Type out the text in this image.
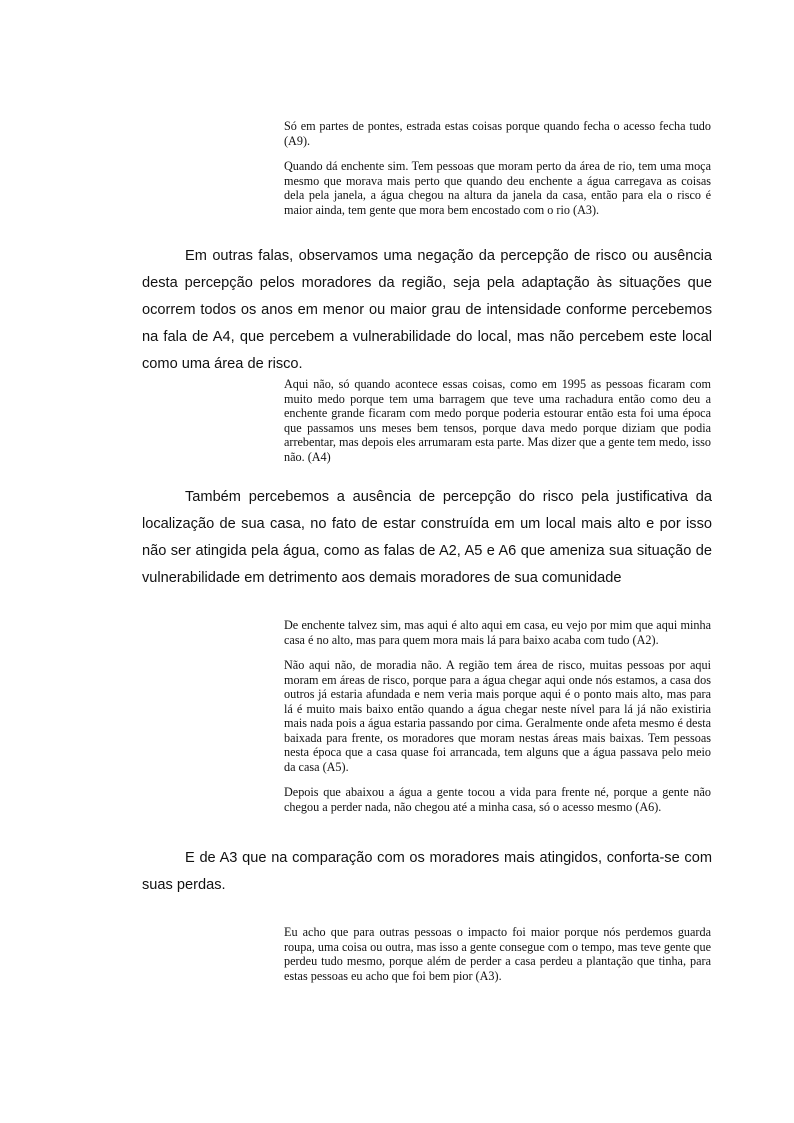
Só em partes de pontes, estrada estas coisas porque quando fecha o acesso fecha tudo (A9).

Quando dá enchente sim. Tem pessoas que moram perto da área de rio, tem uma moça mesmo que morava mais perto que quando deu enchente a água carregava as coisas dela pela janela, a água chegou na altura da janela da casa, então para ela o risco é maior ainda, tem gente que mora bem encostado com o rio (A3).

Em outras falas, observamos uma negação da percepção de risco ou ausência desta percepção pelos moradores da região, seja pela adaptação às situações que ocorrem todos os anos em menor ou maior grau de intensidade conforme percebemos na fala de A4, que percebem a vulnerabilidade do local, mas não percebem este local como uma área de risco.

Aqui não, só quando acontece essas coisas, como em 1995 as pessoas ficaram com muito medo porque tem uma barragem que teve uma rachadura então como deu a enchente grande ficaram com medo porque poderia estourar então esta foi uma época que passamos uns meses bem tensos, porque dava medo porque diziam que podia arrebentar, mas depois eles arrumaram esta parte. Mas dizer que a gente tem medo, isso não. (A4)

Também percebemos a ausência de percepção do risco pela justificativa da localização de sua casa, no fato de estar construída em um local mais alto e por isso não ser atingida pela água, como as falas de A2, A5 e A6 que ameniza sua situação de vulnerabilidade em detrimento aos demais moradores de sua comunidade

De enchente talvez sim, mas aqui é alto aqui em casa, eu vejo por mim que aqui minha casa é no alto, mas para quem mora mais lá para baixo acaba com tudo (A2).

Não aqui não, de moradia não. A região tem área de risco, muitas pessoas por aqui moram em áreas de risco, porque para a água chegar aqui onde nós estamos, a casa dos outros já estaria afundada e nem veria mais porque aqui é o ponto mais alto, mas para lá é muito mais baixo então quando a água chegar neste nível para lá já não existiria mais nada pois a água estaria passando por cima. Geralmente onde afeta mesmo é desta baixada para frente, os moradores que moram nestas áreas mais baixas. Tem pessoas nesta época que a casa quase foi arrancada, tem alguns que a água passava pelo meio da casa (A5).

Depois que abaixou a água a gente tocou a vida para frente né, porque a gente não chegou a perder nada, não chegou até a minha casa, só o acesso mesmo (A6).

E de A3 que na comparação com os moradores mais atingidos, conforta-se com suas perdas.

Eu acho que para outras pessoas o impacto foi maior porque nós perdemos guarda roupa, uma coisa ou outra, mas isso a gente consegue com o tempo, mas teve gente que perdeu tudo mesmo, porque além de perder a casa perdeu a plantação que tinha, para estas pessoas eu acho que foi bem pior (A3).
